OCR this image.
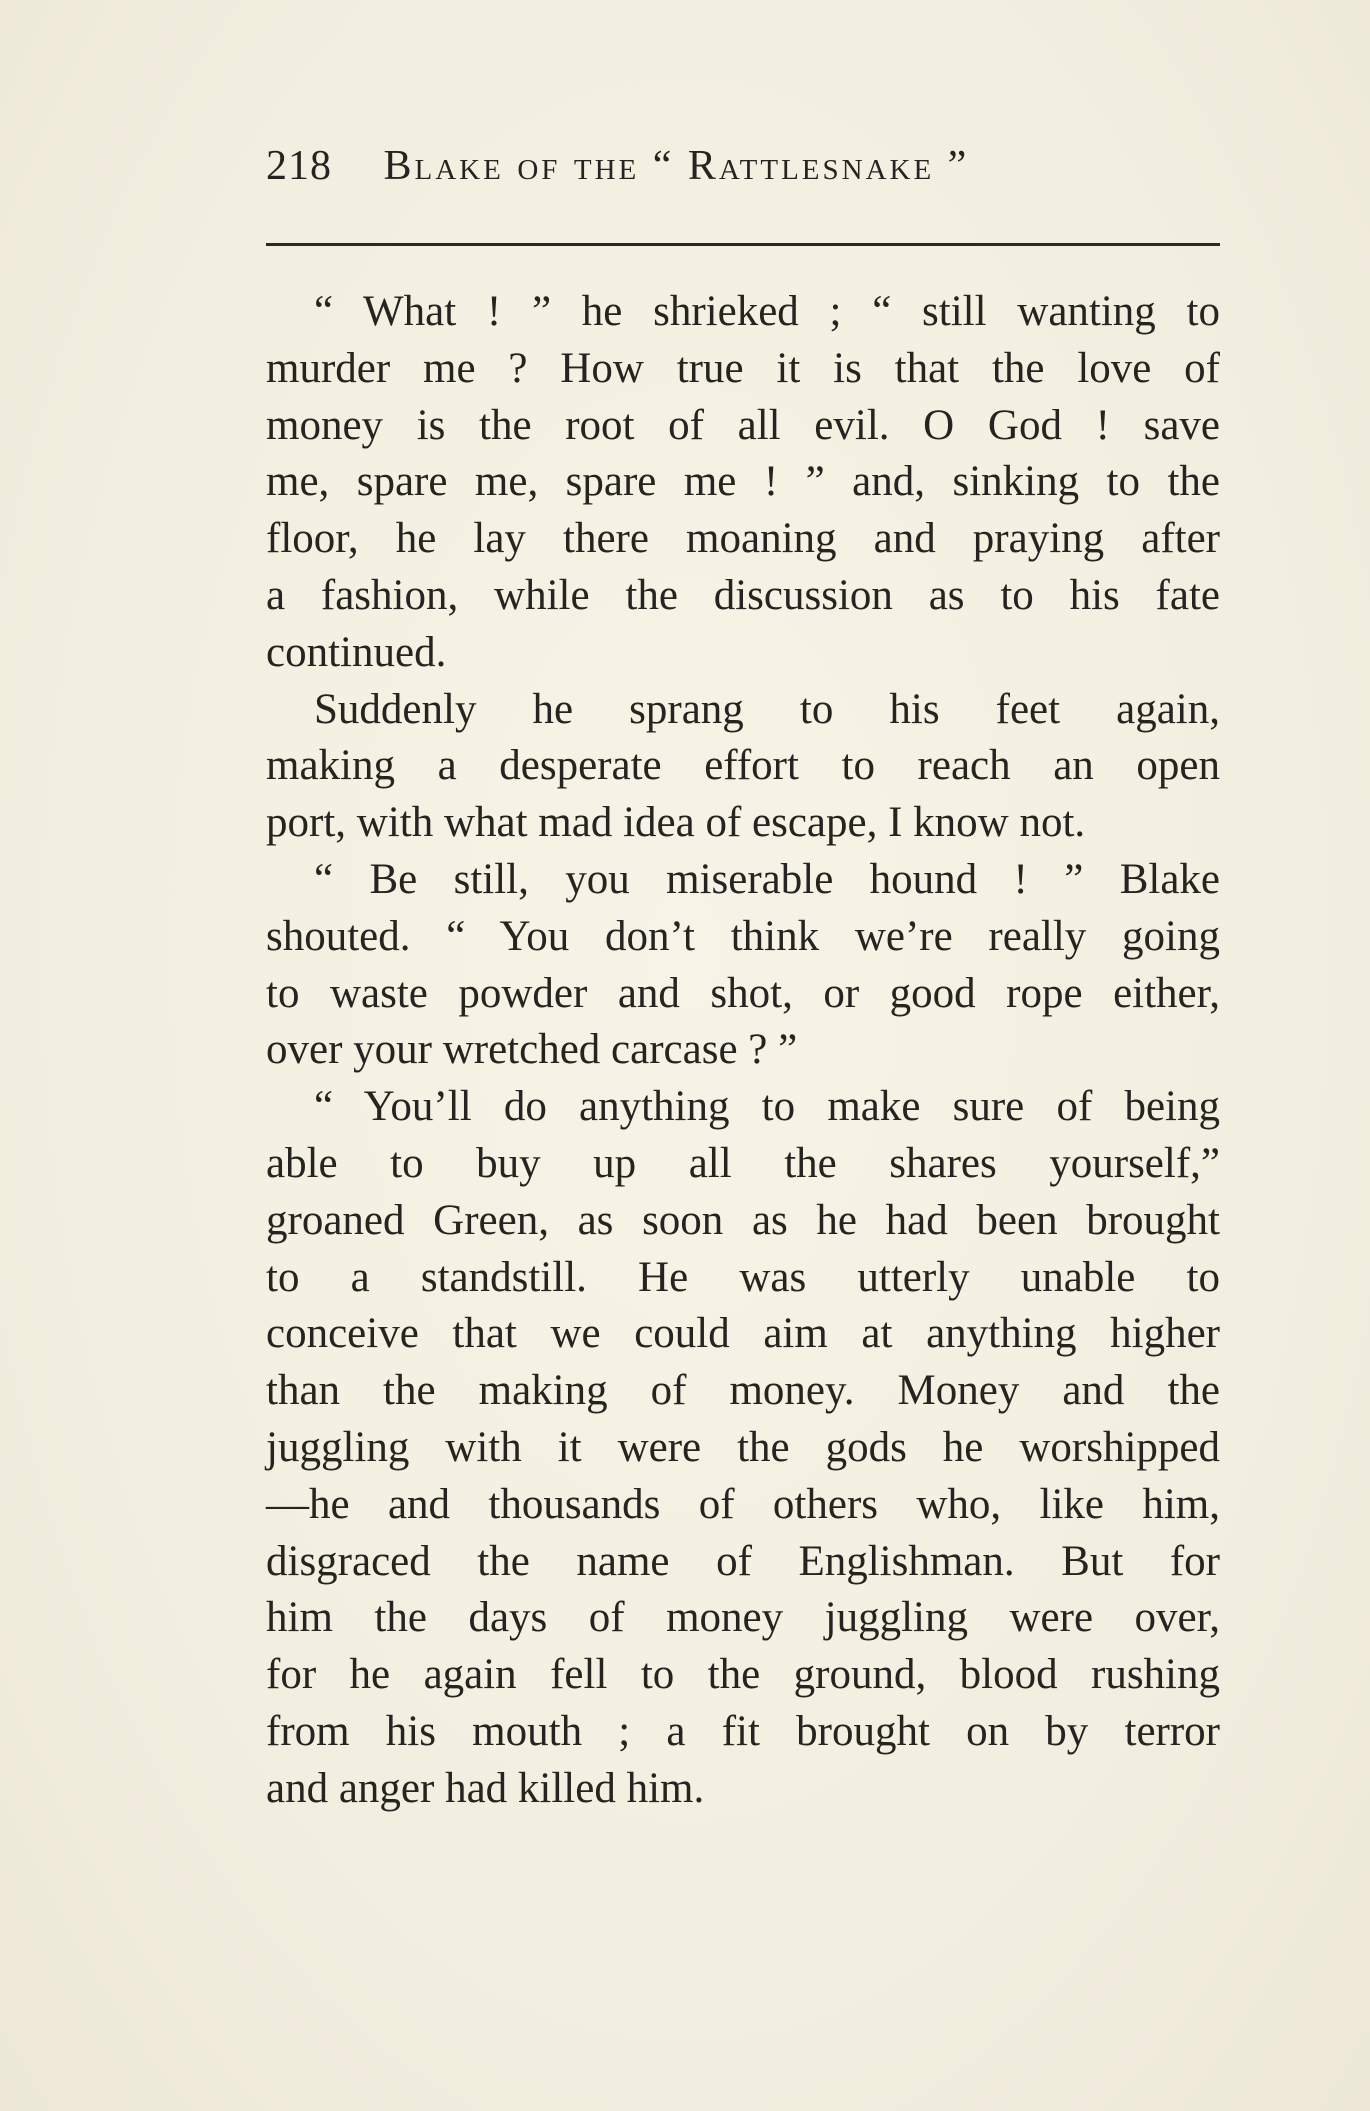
218 Blake of the “ Rattlesnake ”
“ What ! ” he shrieked ; “ still wanting to
murder me ? How true it is that the love of
money is the root of all evil. O God ! save
me, spare me, spare me ! ” and, sinking to the
floor, he lay there moaning and praying after
a fashion, while the discussion as to his fate
continued.
Suddenly he sprang to his feet again,
making a desperate effort to reach an open
port, with what mad idea of escape, I know not.
“ Be still, you miserable hound ! ” Blake
shouted. “ You don’t think we’re really going
to waste powder and shot, or good rope either,
over your wretched carcase ? ”
“ You’ll do anything to make sure of being
able to buy up all the shares yourself,”
groaned Green, as soon as he had been brought
to a standstill. He was utterly unable to
conceive that we could aim at anything higher
than the making of money. Money and the
juggling with it were the gods he worshipped
—he and thousands of others who, like him,
disgraced the name of Englishman. But for
him the days of money juggling were over,
for he again fell to the ground, blood rushing
from his mouth ; a fit brought on by terror
and anger had killed him.
